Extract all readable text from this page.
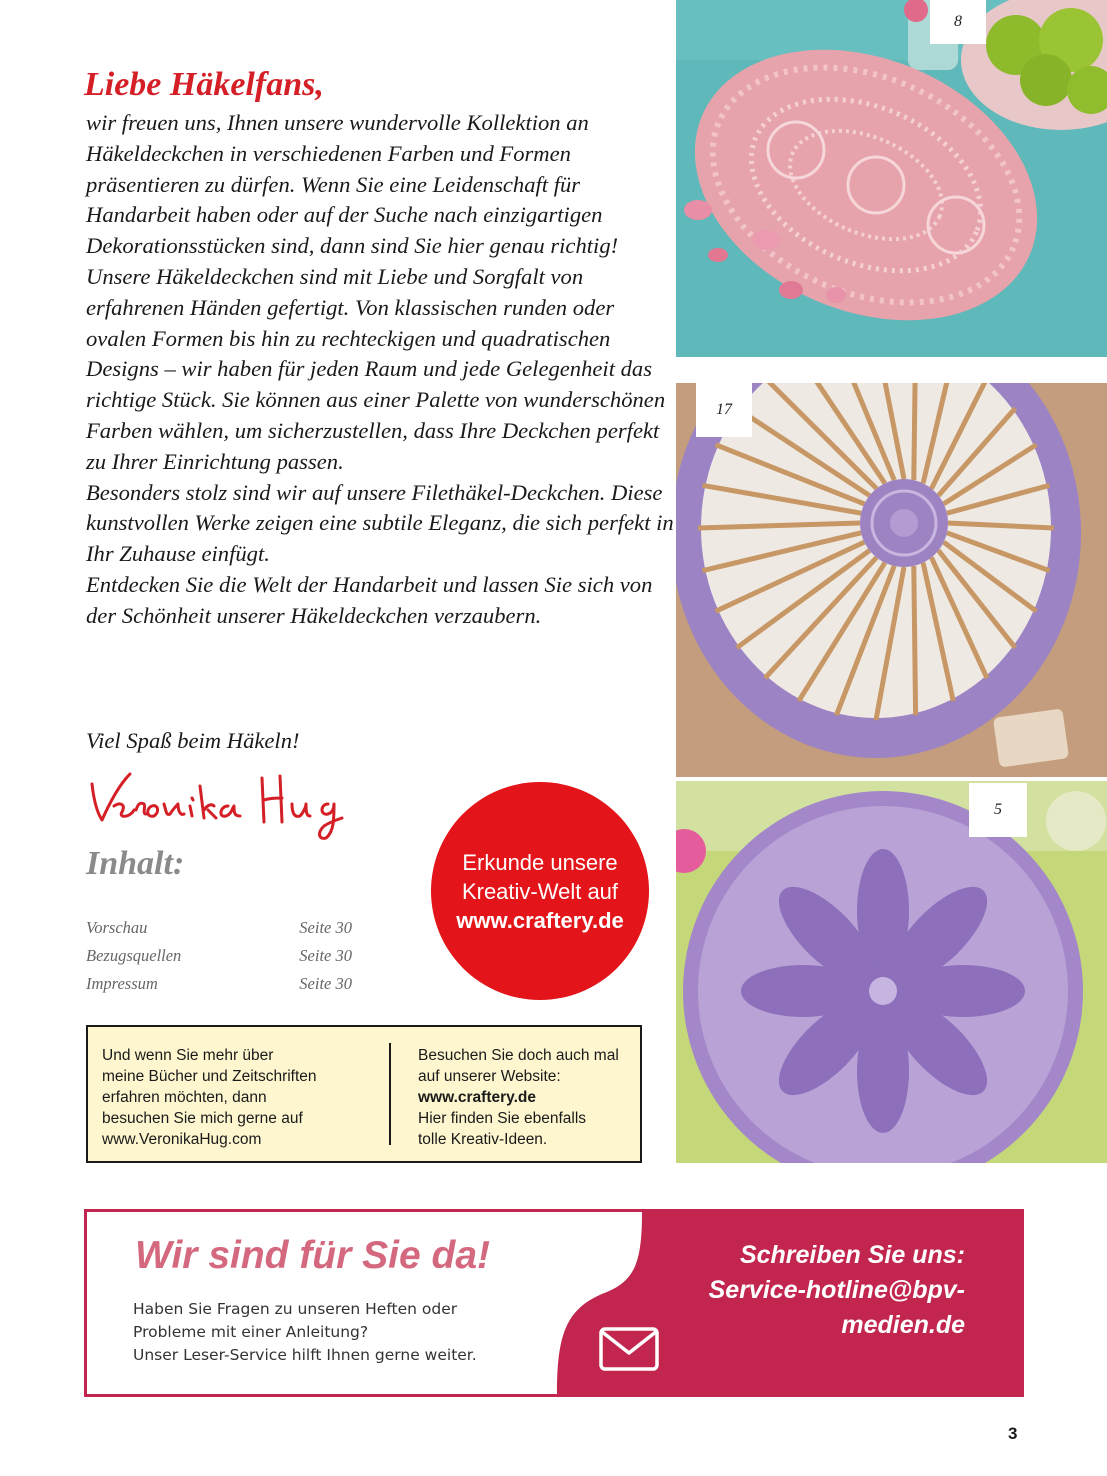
Liebe Häkelfans,

wir freuen uns, Ihnen unsere wundervolle Kollektion an Häkeldeckchen in verschiedenen Farben und Formen präsentieren zu dürfen. Wenn Sie eine Leidenschaft für Handarbeit haben oder auf der Suche nach einzigartigen Dekorationsstücken sind, dann sind Sie hier genau richtig!

Unsere Häkeldeckchen sind mit Liebe und Sorgfalt von erfahrenen Händen gefertigt. Von klassischen runden oder ovalen Formen bis hin zu rechteckigen und quadratischen Designs – wir haben für jeden Raum und jede Gelegenheit das richtige Stück. Sie können aus einer Palette von wunderschönen Farben wählen, um sicherzustellen, dass Ihre Deckchen perfekt zu Ihrer Einrichtung passen.

Besonders stolz sind wir auf unsere Filethäkel-Deckchen. Diese kunstvollen Werke zeigen eine subtile Eleganz, die sich perfekt in Ihr Zuhause einfügt.

Entdecken Sie die Welt der Handarbeit und lassen Sie sich von der Schönheit unserer Häkeldeckchen verzaubern.

Viel Spaß beim Häkeln!
Inhalt:
Vorschau	Seite 30
Bezugsquellen	Seite 30
Impressum	Seite 30
Erkunde unsere
Kreativ-Welt auf
www.craftery.de
Und wenn Sie mehr über
meine Bücher und Zeitschriften
erfahren möchten, dann
besuchen Sie mich gerne auf
www.VeronikaHug.com
Besuchen Sie doch auch mal
auf unserer Website:
www.craftery.de
Hier finden Sie ebenfalls
tolle Kreativ-Ideen.
8
17
5
Wir sind für Sie da!
Haben Sie Fragen zu unseren Heften oder
Probleme mit einer Anleitung?
Unser Leser-Service hilft Ihnen gerne weiter.
Schreiben Sie uns:
Service-hotline@bpv-
medien.de
3
